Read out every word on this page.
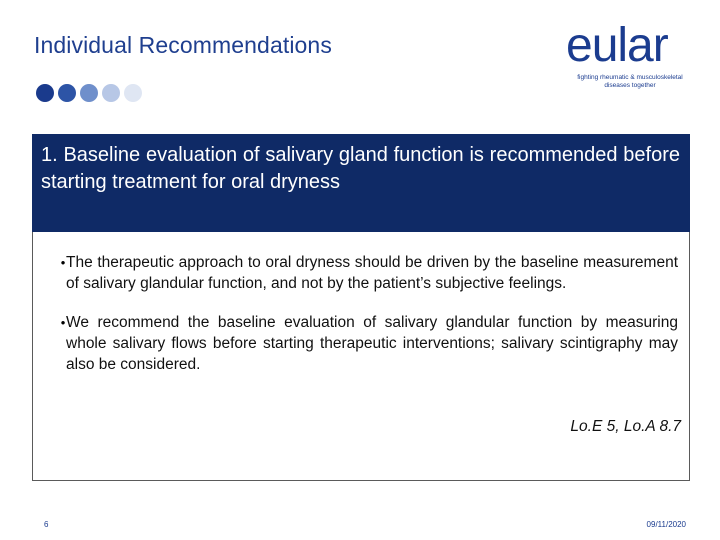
Individual Recommendations	eular
fighting rheumatic & musculoskeletal
diseases together
1. Baseline evaluation of salivary gland function is recommended before starting treatment for oral dryness
• The therapeutic approach to oral dryness should be driven by the baseline measurement of salivary glandular function, and not by the patient’s subjective feelings.
• We recommend the baseline evaluation of salivary glandular function by measuring whole salivary flows before starting therapeutic interventions; salivary scintigraphy may also be considered.
Lo.E 5, Lo.A 8.7
6	09/11/2020
